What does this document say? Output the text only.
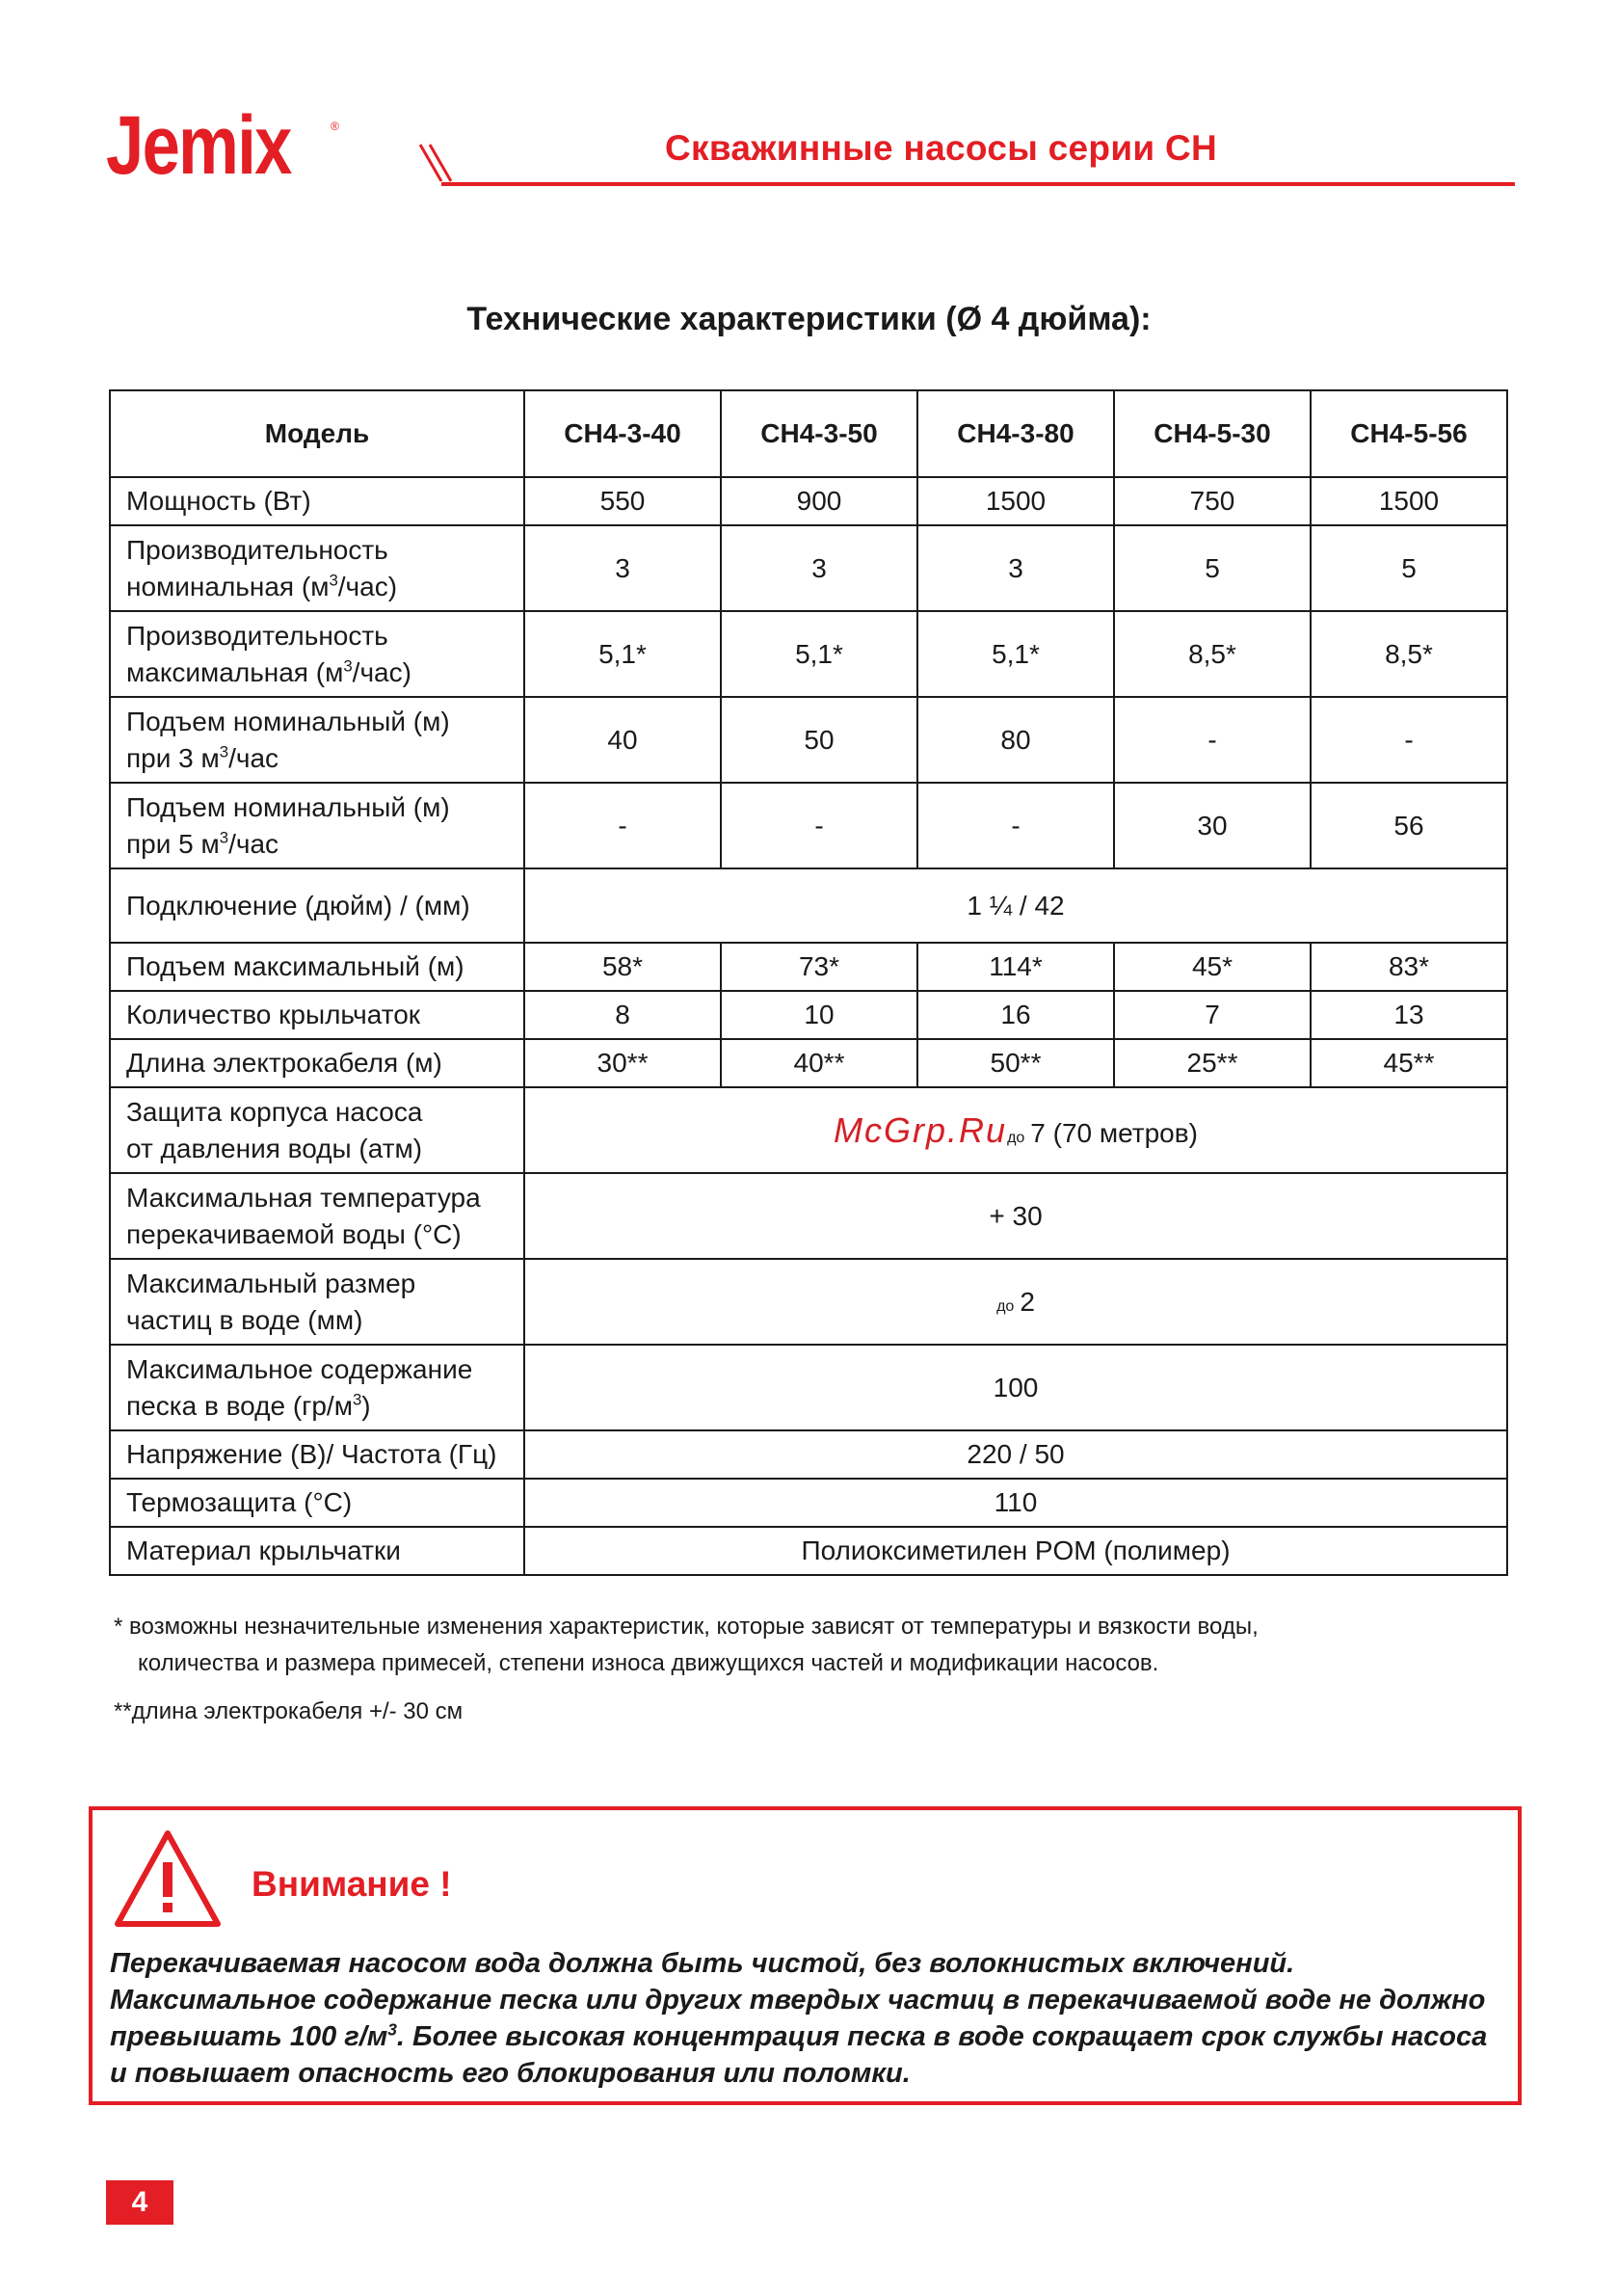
Jemix	®
Скважинные насосы серии CH
Технические характеристики (Ø 4 дюйма):
Модель	CH4-3-40	CH4-3-50	CH4-3-80	CH4-5-30	CH4-5-56
Мощность (Вт)	550	900	1500	750	1500
Производительность
номинальная $(м^3/час)$	3	3	3	5	5
Производительность
максимальная $(м^3/час)$	5,1*	5,1*	5,1*	8,5*	8,5*
Подъем номинальный (м)
при 3 $м^3$/час	40	50	80	-	-
Подъем номинальный (м)
при 5 $м^3$/час	-	-	-	30	56
Подключение (дюйм) / (мм)	1 ¼ / 42				
Подъем максимальный (м)	58*	73*	114*	45*	83*
Количество крыльчаток	8	10	16	7	13
Длина электрокабеля (м)	30**	40**	50**	25**	45**
Защита корпуса насоса
от давления воды (атм)	McGrp.Ruдо 7 (70 метров)				
Максимальная температура
перекачиваемой воды (°C)	+ 30				
Максимальный размер
частиц в воде (мм)	до 2				
Максимальное содержание
песка в воде $(гр/м^3)$	100				
Напряжение (В)/ Частота (Гц)	220 / 50				
Термозащита (°C)	110				
Материал крыльчатки	Полиоксиметилен POM (полимер)				
* возможны незначительные изменения характеристик, которые зависят от температуры и вязкости воды,
количества и размера примесей, степени износа движущихся частей и модификации насосов.
**длина электрокабеля +/- 30 см
Внимание !
Перекачиваемая насосом вода должна быть чистой, без волокнистых включений.
Максимальное содержание песка или других твердых частиц в перекачиваемой воде не должно
превышать 100 $г/м^3$. Более высокая концентрация песка в воде сокращает срок службы насоса
и повышает опасность его блокирования или поломки.
4
